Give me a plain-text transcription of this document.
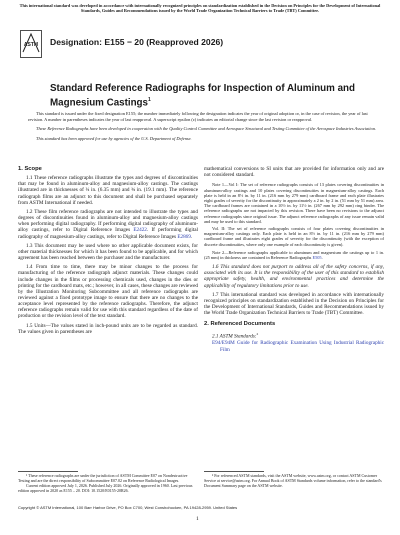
This international standard was developed in accordance with internationally recognized principles on standardization established in the Decision on Principles for the Development of International Standards, Guides and Recommendations issued by the World Trade Organization Technical Barriers to Trade (TBT) Committee.
ASTM Designation: E155 − 20 (Reapproved 2026)
Standard Reference Radiographs for Inspection of Aluminum and Magnesium Castings$^1$

This standard is issued under the fixed designation E155; the number immediately following the designation indicates the year of original adoption or, in the case of revision, the year of last revision. A number in parentheses indicates the year of last reapproval. A superscript epsilon (ε) indicates an editorial change since the last revision or reapproval.

These Reference Radiographs have been developed in cooperation with the Quality Control Committee and Aerospace Structural and Testing Committee of the Aerospace Industries Association.

This standard has been approved for use by agencies of the U.S. Department of Defense.

1. Scope

1.1 These reference radiographs illustrate the types and degrees of discontinuities that may be found in aluminum-alloy and magnesium-alloy castings. The castings illustrated are in thicknesses of ¼ in. (6.35 mm) and ¾ in. (19.1 mm). The reference radiograph films are an adjunct to this document and shall be purchased separately from ASTM International if needed.

1.2 These film reference radiographs are not intended to illustrate the types and degrees of discontinuities found in aluminum-alloy and magnesium-alloy castings when performing digital radiography. If performing digital radiography of aluminum-alloy castings, refer to Digital Reference Images E2422. If performing digital radiography of magnesium-alloy castings, refer to Digital Reference Images E2869.

1.3 This document may be used where no other applicable document exists, for other material thicknesses for which it has been found to be applicable, and for which agreement has been reached between the purchaser and the manufacturer.

1.4 From time to time, there may be minor changes to the process for manufacturing of the reference radiograph adjunct materials. These changes could include changes in the films or processing chemicals used, changes in the dies or printing for the cardboard mats, etc.; however, in all cases, these changes are reviewed by the Illustration Monitoring Subcommittee and all reference radiographs are reviewed against a fixed prototype image to ensure that there are no changes to the acceptance level represented by the reference radiographs. Therefore, the adjunct reference radiographs remain valid for use with this standard regardless of the date of production or the revision level of the text standard.

1.5 Units—The values stated in inch-pound units are to be regarded as standard. The values given in parentheses are

¹ These reference radiographs are under the jurisdiction of ASTM Committee E07 on Nondestructive Testing and are the direct responsibility of Subcommittee E07.02 on Reference Radiological Images.

Current edition approved July 1, 2026. Published July 2026. Originally approved in 1960. Last previous edition approved in 2020 as E155 – 20. DOI: 10.1520/E0155-20R26.

mathematical conversions to SI units that are provided for information only and are not considered standard.

Note 1—Vol I: The set of reference radiographs consists of 13 plates covering discontinuities in aluminum-alloy castings and 10 plates covering discontinuities in magnesium-alloy castings. Each plate is held in an 8½ in. by 11 in. (216 mm by 279 mm) cardboard frame and each plate illustrates eight grades of severity for the discontinuity in approximately a 2 in. by 2 in. (51 mm by 51 mm) area. The cardboard frames are contained in a 10½ in. by 11½ in. (267 mm by 292 mm) ring binder. The reference radiographs are not impacted by this revision. There have been no revisions to the adjunct reference radiographs since original issue. The adjunct reference radiographs of any issue remain valid and may be used to this standard.

Vol. II: The set of reference radiographs consists of four plates covering discontinuities in magnesium-alloy castings only. Each plate is held in an 8½ in. by 11 in. (216 mm by 279 mm) cardboard frame and illustrates eight grades of severity for the discontinuity (with the exception of discrete discontinuities, where only one example of each discontinuity is given).

Note 2—Reference radiographs applicable to aluminum and magnesium die castings up to 1 in. (25 mm) in thickness are contained in Reference Radiographs E505.

1.6 This standard does not purport to address all of the safety concerns, if any, associated with its use. It is the responsibility of the user of this standard to establish appropriate safety, health, and environmental practices and determine the applicability of regulatory limitations prior to use.

1.7 This international standard was developed in accordance with internationally recognized principles on standardization established in the Decision on Principles for the Development of International Standards, Guides and Recommendations issued by the World Trade Organization Technical Barriers to Trade (TBT) Committee.

2. Referenced Documents

2.1 ASTM Standards:$^2$

E94/E94M Guide for Radiographic Examination Using Industrial Radiographic Film

² For referenced ASTM standards, visit the ASTM website, www.astm.org, or contact ASTM Customer Service at service@astm.org. For Annual Book of ASTM Standards volume information, refer to the standard's Document Summary page on the ASTM website.

Copyright © ASTM International, 100 Barr Harbor Drive, PO Box C700, West Conshohocken, PA 19428-2959. United States
1
